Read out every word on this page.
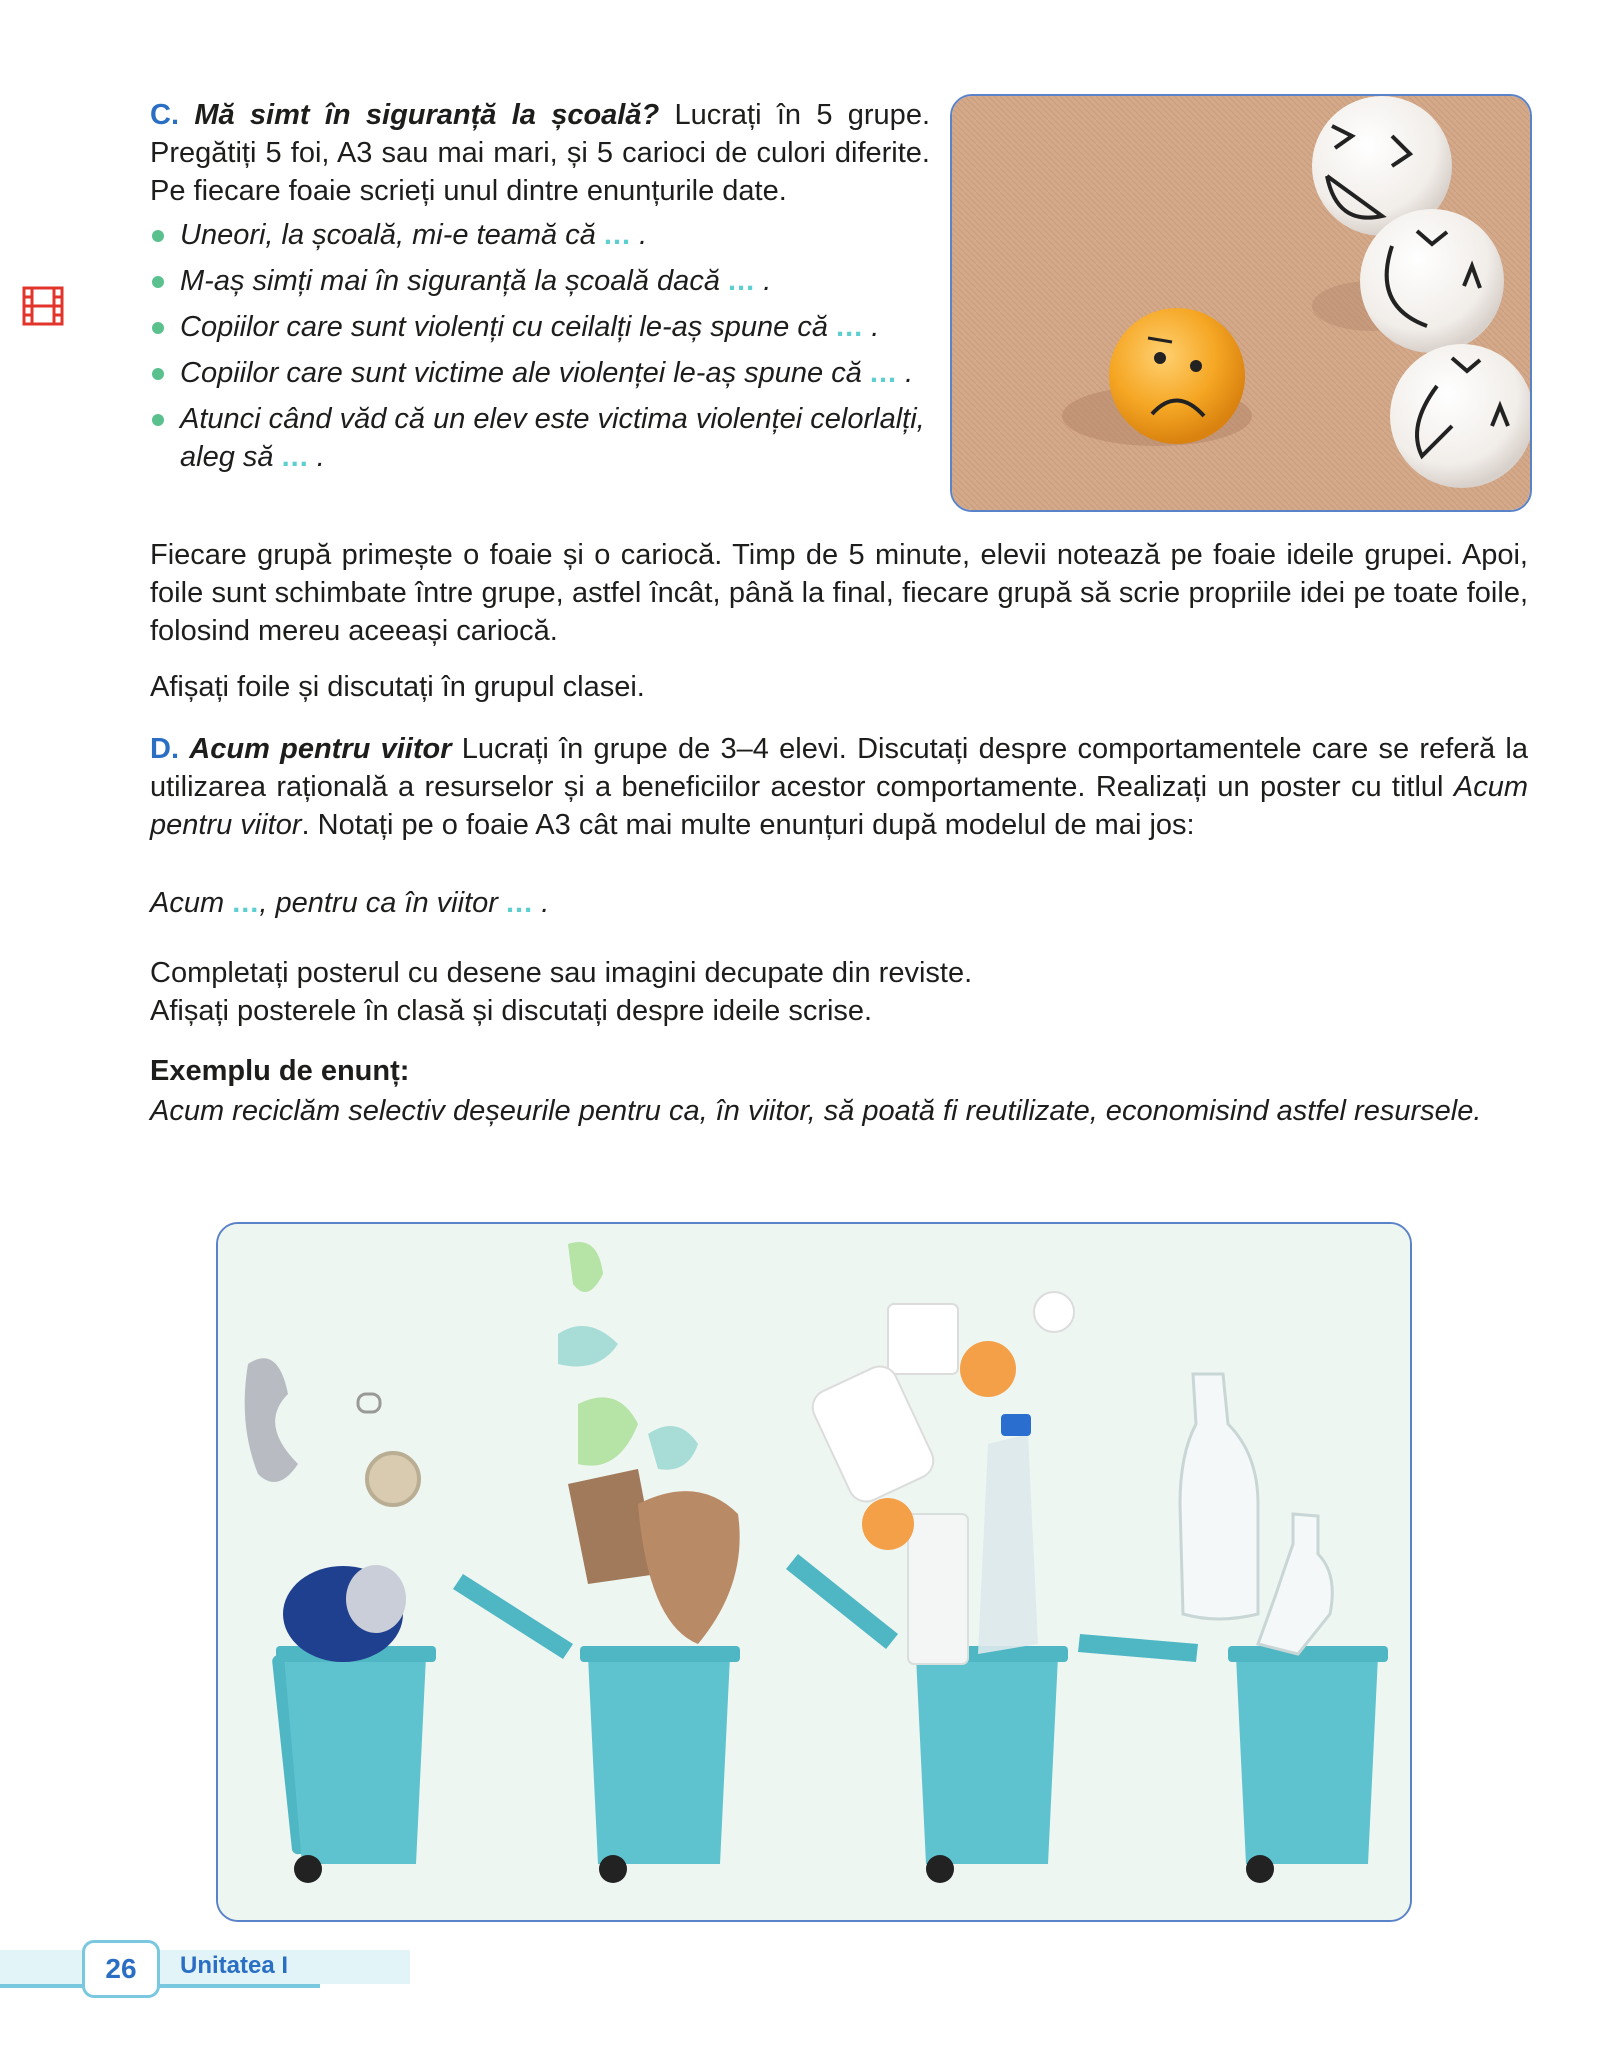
C. Mă simt în siguranță la școală? Lucrați în 5 grupe. Pregătiți 5 foi, A3 sau mai mari, și 5 carioci de culori diferite. Pe fiecare foaie scrieți unul dintre enunțurile date.

Uneori, la școală, mi-e teamă că ... .
M-aș simți mai în siguranță la școală dacă ... .
Copiilor care sunt violenți cu ceilalți le-aș spune că ... .
Copiilor care sunt victime ale violenței le-aș spune că ... .
Atunci când văd că un elev este victima violenței celorlalți, aleg să ... .

Fiecare grupă primește o foaie și o cariocă. Timp de 5 minute, elevii notează pe foaie ideile grupei. Apoi, foile sunt schimbate între grupe, astfel încât, până la final, fiecare grupă să scrie propriile idei pe toate foile, folosind mereu aceeași cariocă.

Afișați foile și discutați în grupul clasei.

D. Acum pentru viitor Lucrați în grupe de 3–4 elevi. Discutați despre comportamentele care se referă la utilizarea rațională a resurselor și a beneficiilor acestor comportamente. Realizați un poster cu titlul Acum pentru viitor. Notați pe o foaie A3 cât mai multe enunțuri după modelul de mai jos:

Acum ..., pentru ca în viitor ... .

Completați posterul cu desene sau imagini decupate din reviste.
Afișați posterele în clasă și discutați despre ideile scrise.

Exemplu de enunț:

Acum reciclăm selectiv deșeurile pentru ca, în viitor, să poată fi reutilizate, economisind astfel resursele.

26	Unitatea I
